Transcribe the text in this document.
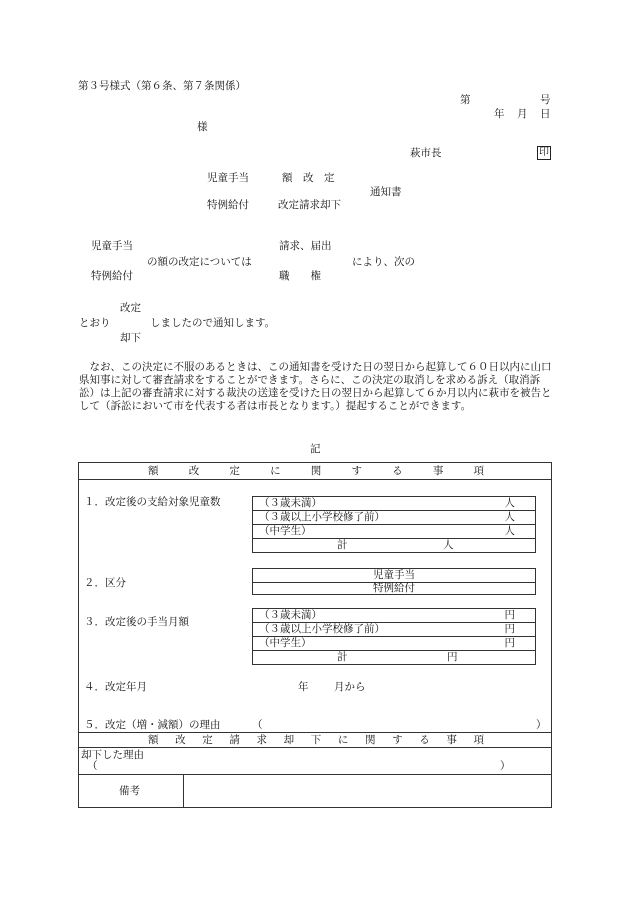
第３号様式（第６条、第７条関係）
第	号
年 月 日
様
萩市長	印
児童手当	額　改　定
通知書
特例給付	改定請求却下
児童手当
特例給付
の額の改定については
請求、届出
職　　権
により、次の
改定
とおり	しましたので通知します。
却下
なお、この決定に不服のあるときは、この通知書を受けた日の翌日から起算して６０日以内に山口県知事に対して審査請求をすることができます。さらに、この決定の取消しを求める訴え（取消訴訟）は上記の審査請求に対する裁決の送達を受けた日の翌日から起算して６か月以内に萩市を被告として（訴訟において市を代表する者は市長となります。）提起することができます。
記
額	改	定	に	関	す	る	事	項
１．改定後の支給対象児童数	（３歳未満）	人
（３歳以上小学校修了前）	人
（中学生）	人
計	人
２．区分
児童手当
特例給付
３．改定後の手当月額
（３歳未満）	円
（３歳以上小学校修了前）	円
（中学生）	円
計	円
４．改定年月	年 月から
５．改定（増・減額）の理由	（	）
額 改 定 請 求 却 下 に 関 す る 事 項
却下した理由
（	）
備考
